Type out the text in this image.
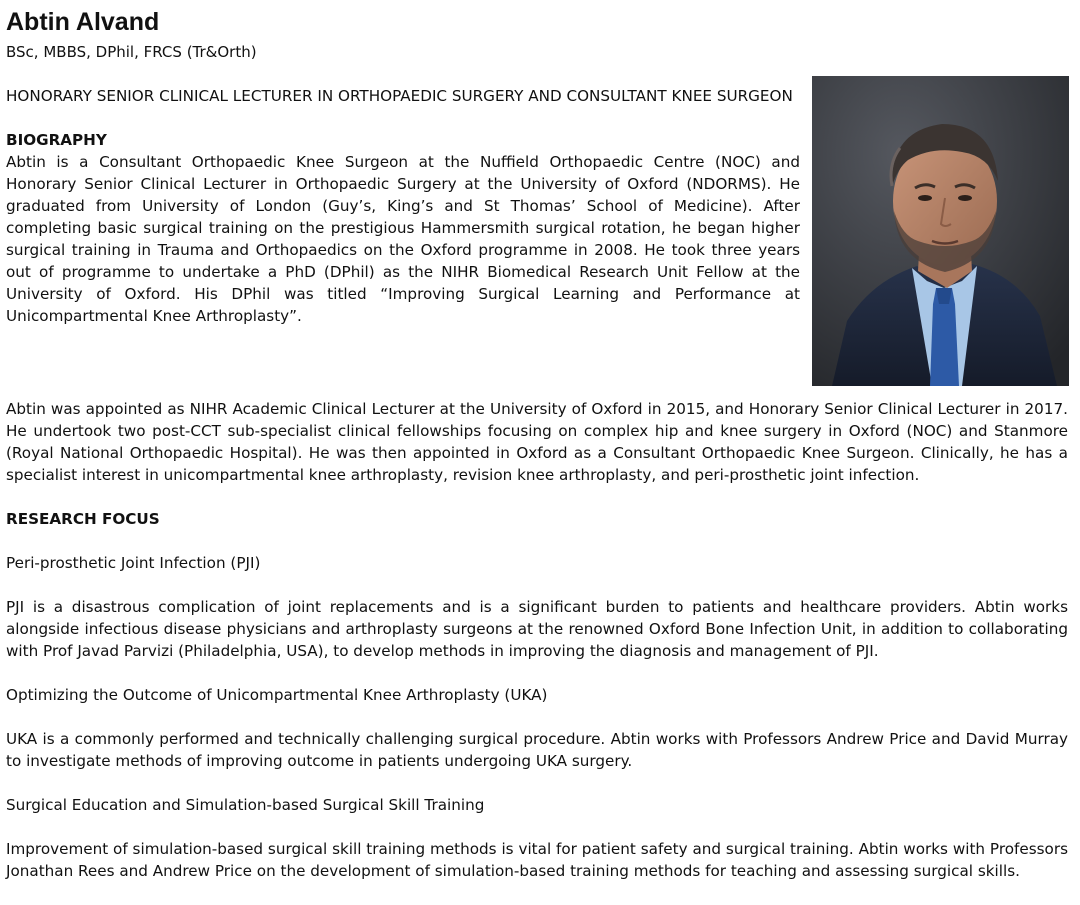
Abtin Alvand
BSc, MBBS, DPhil, FRCS (Tr&Orth)

HONORARY SENIOR CLINICAL LECTURER IN ORTHOPAEDIC SURGERY AND CONSULTANT KNEE SURGEON

BIOGRAPHY

Abtin is a Consultant Orthopaedic Knee Surgeon at the Nuffield Orthopaedic Centre (NOC) and Honorary Senior Clinical Lecturer in Orthopaedic Surgery at the University of Oxford (NDORMS). He graduated from University of London (Guy’s, King’s and St Thomas’ School of Medicine). After completing basic surgical training on the prestigious Hammersmith surgical rotation, he began higher surgical training in Trauma and Orthopaedics on the Oxford programme in 2008. He took three years out of programme to undertake a PhD (DPhil) as the NIHR Biomedical Research Unit Fellow at the University of Oxford. His DPhil was titled “Improving Surgical Learning and Performance at Unicompartmental Knee Arthroplasty”.

Abtin was appointed as NIHR Academic Clinical Lecturer at the University of Oxford in 2015, and Honorary Senior Clinical Lecturer in 2017. He undertook two post-CCT sub-specialist clinical fellowships focusing on complex hip and knee surgery in Oxford (NOC) and Stanmore (Royal National Orthopaedic Hospital). He was then appointed in Oxford as a Consultant Orthopaedic Knee Surgeon. Clinically, he has a specialist interest in unicompartmental knee arthroplasty, revision knee arthroplasty, and peri-prosthetic joint infection.

RESEARCH FOCUS

Peri-prosthetic Joint Infection (PJI)

PJI is a disastrous complication of joint replacements and is a significant burden to patients and healthcare providers. Abtin works alongside infectious disease physicians and arthroplasty surgeons at the renowned Oxford Bone Infection Unit, in addition to collaborating with Prof Javad Parvizi (Philadelphia, USA), to develop methods in improving the diagnosis and management of PJI.

Optimizing the Outcome of Unicompartmental Knee Arthroplasty (UKA)

UKA is a commonly performed and technically challenging surgical procedure. Abtin works with Professors Andrew Price and David Murray to investigate methods of improving outcome in patients undergoing UKA surgery.

Surgical Education and Simulation-based Surgical Skill Training

Improvement of simulation-based surgical skill training methods is vital for patient safety and surgical training. Abtin works with Professors Jonathan Rees and Andrew Price on the development of simulation-based training methods for teaching and assessing surgical skills.
